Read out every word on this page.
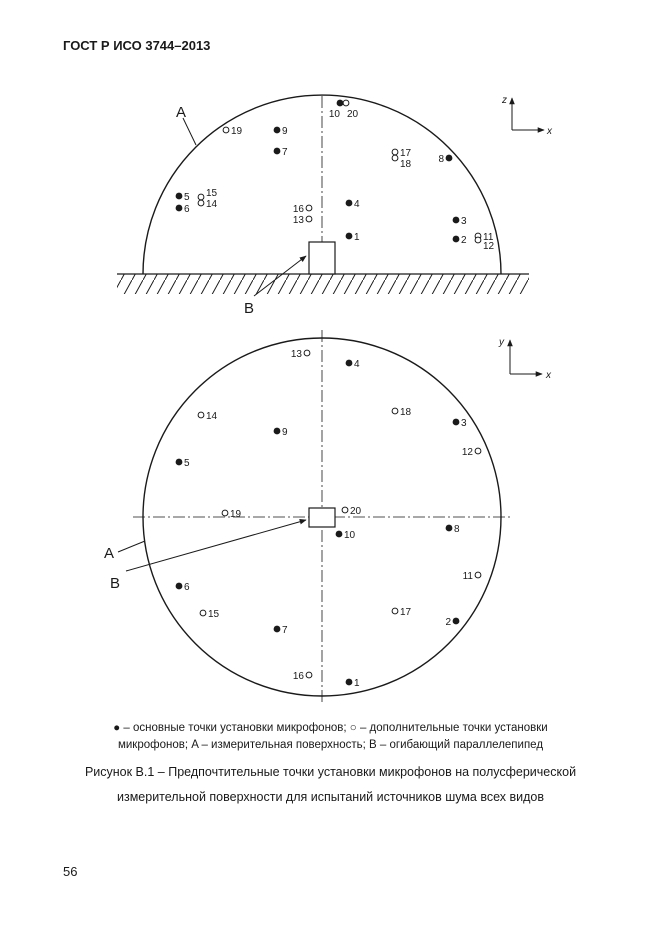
ГОСТ Р ИСО 3744–2013
A
B
z
x
1	2
3
4
5
6
7
8
9
10
11
12
13
14
15
16
17
18
19
20
A
B
y
x
1
2
3
4
5
6
7
8
9
10
11
12
13
14
15
16
17
18
19	20
● – основные точки установки микрофонов; ○ – дополнительные точки установки
микрофонов; A – измерительная поверхность; B – огибающий параллелепипед
Рисунок B.1 – Предпочтительные точки установки микрофонов на полусферической
измерительной поверхности для испытаний источников шума всех видов
56
